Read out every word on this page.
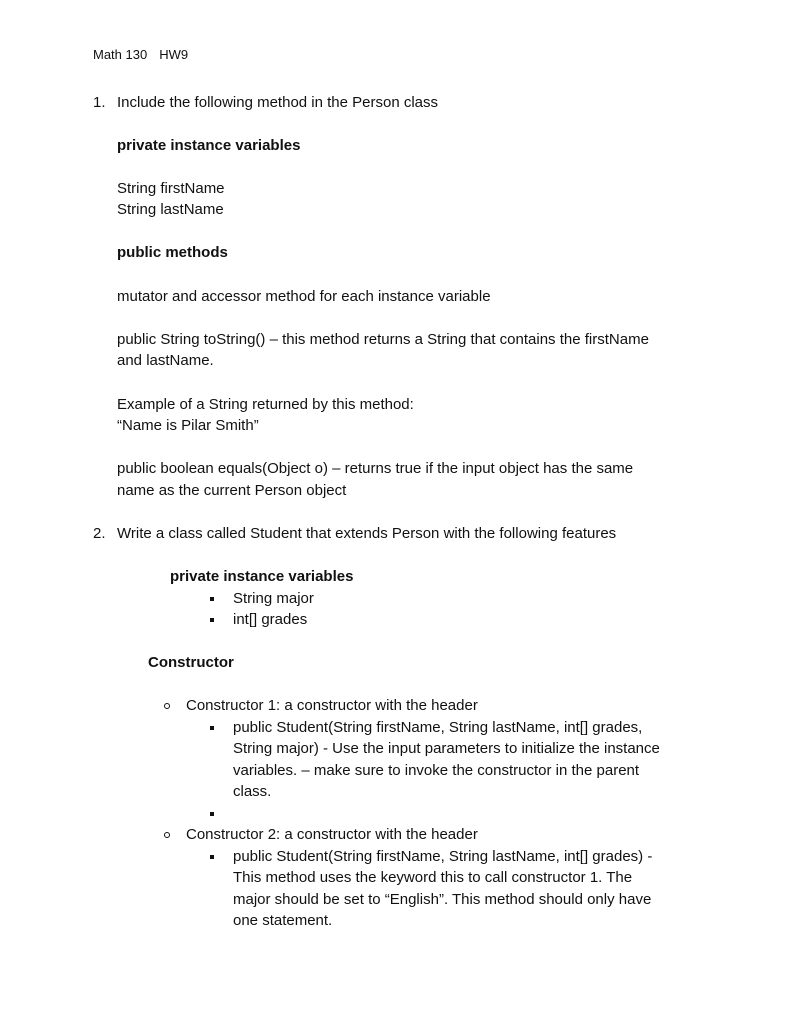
Math 130 HW9
1. Include the following method in the Person class
private instance variables
String firstName
String lastName
public methods
mutator and accessor method for each instance variable
public String toString() – this method returns a String that contains the firstName
and lastName.
Example of a String returned by this method:
“Name is Pilar Smith”
public boolean equals(Object o) – returns true if the input object has the same
name as the current Person object
2. Write a class called Student that extends Person with the following features
private instance variables
String major
int[] grades
Constructor
Constructor 1: a constructor with the header
public Student(String firstName, String lastName, int[] grades,
String major) - Use the input parameters to initialize the instance
variables. – make sure to invoke the constructor in the parent
class.
Constructor 2: a constructor with the header
public Student(String firstName, String lastName, int[] grades) -
This method uses the keyword this to call constructor 1. The
major should be set to “English”. This method should only have
one statement.
